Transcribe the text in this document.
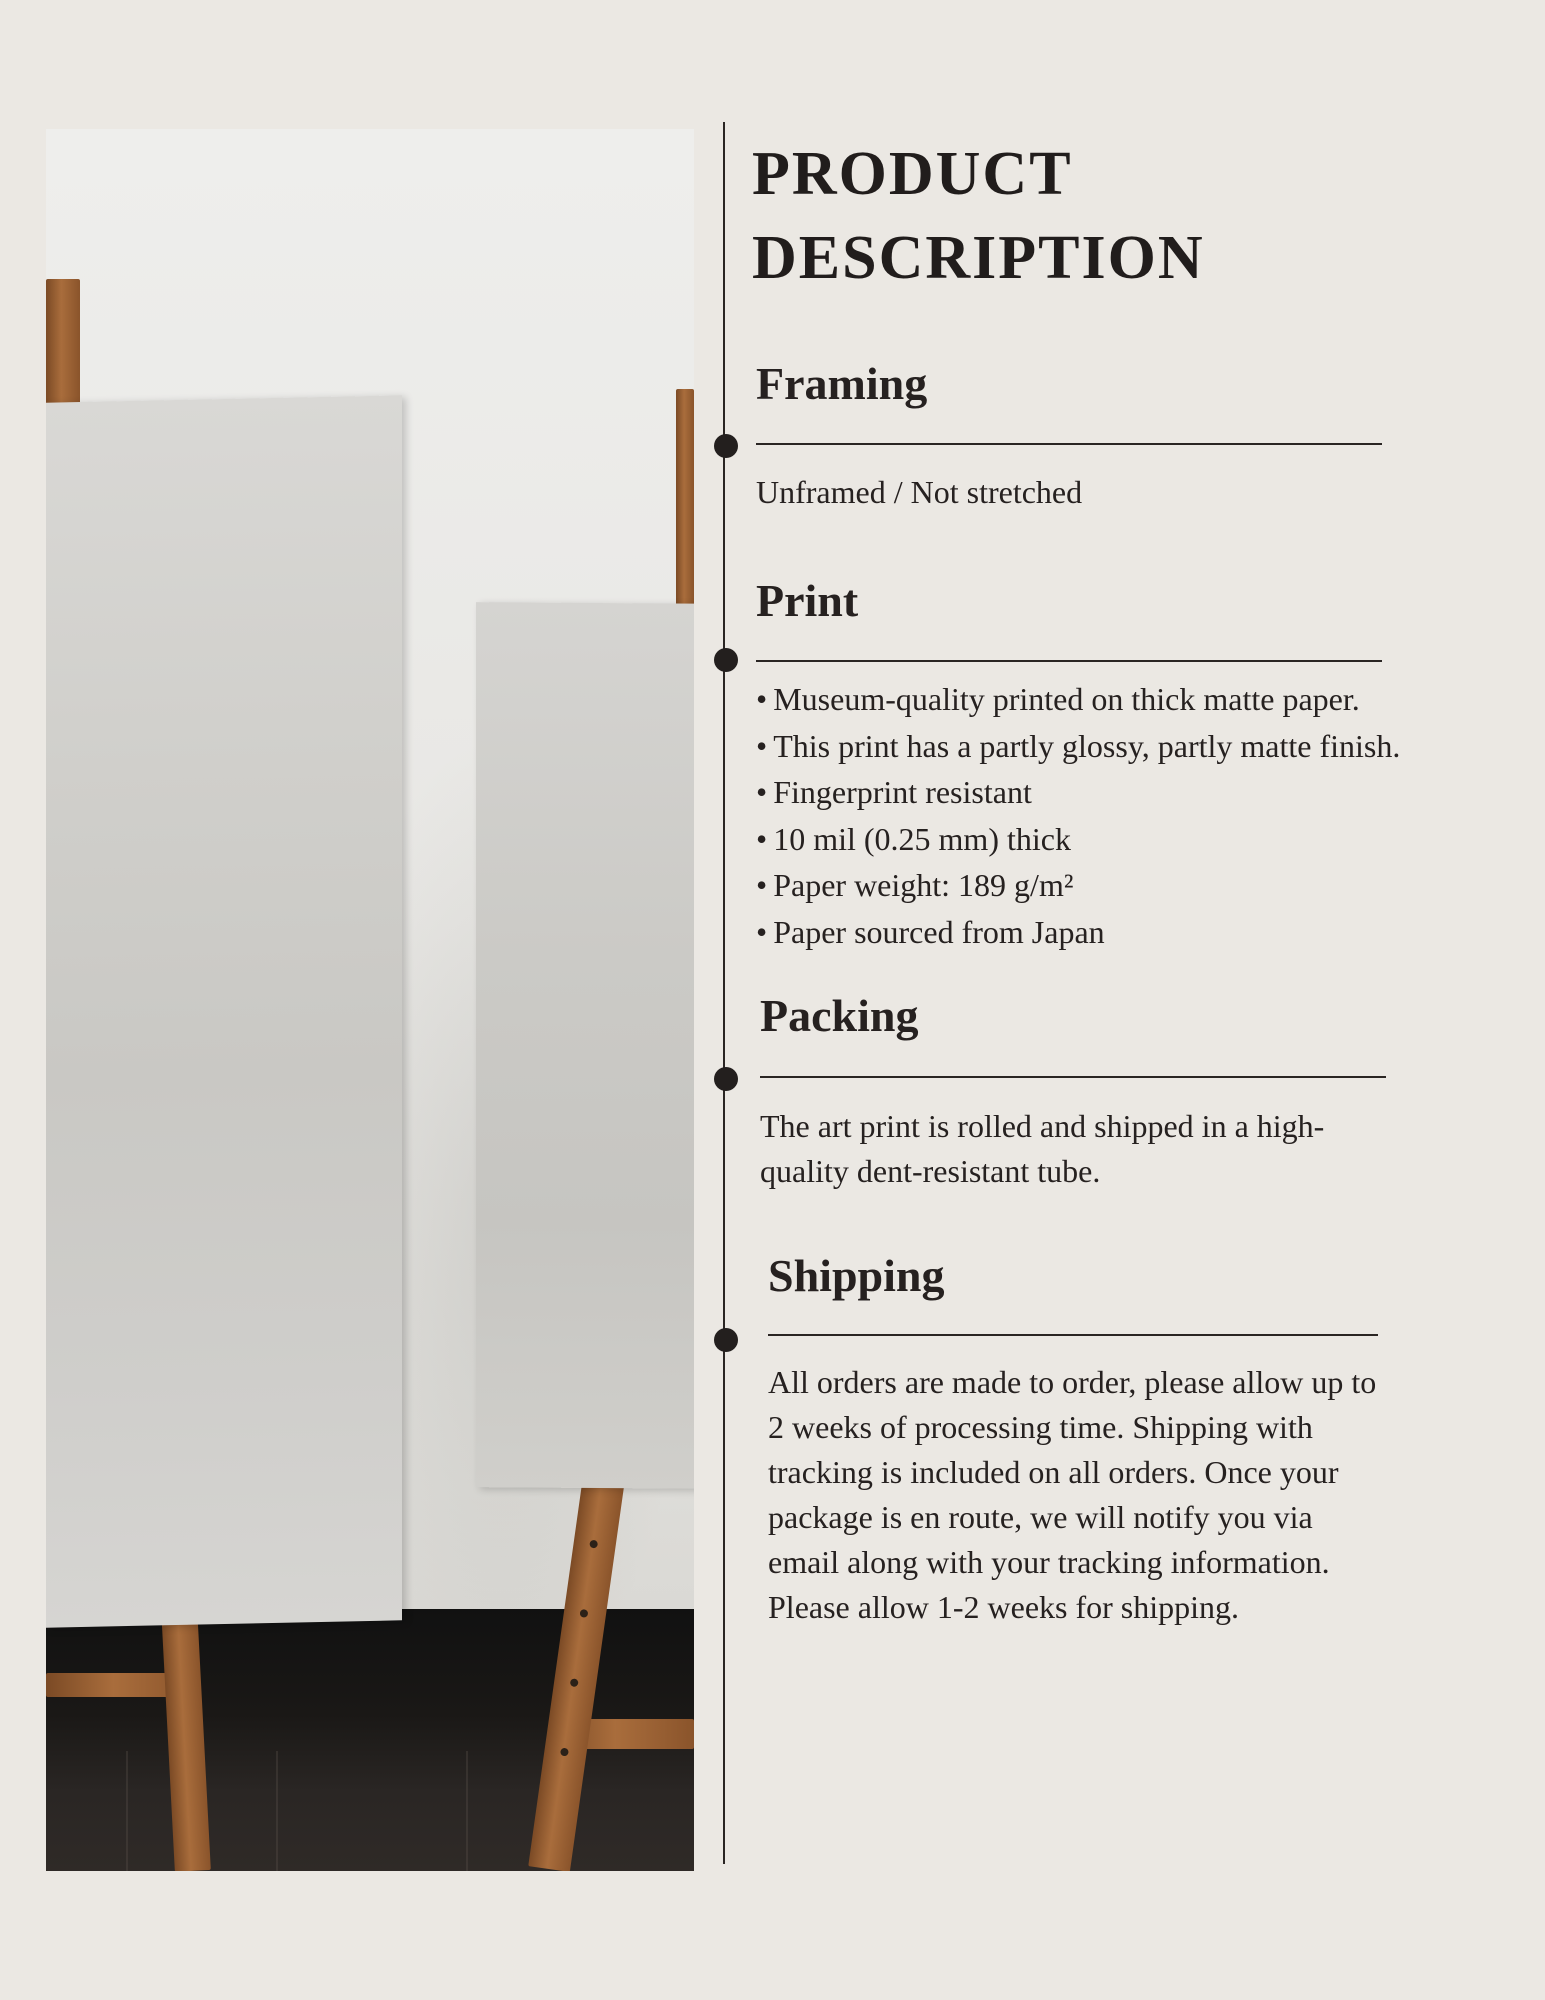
PRODUCT
DESCRIPTION
Framing

Unframed / Not stretched

Print
• Museum-quality printed on thick matte paper.
• This print has a partly glossy, partly matte finish.
• Fingerprint resistant
• 10 mil (0.25 mm) thick
• Paper weight: 189 g/m²
• Paper sourced from Japan
Packing

The art print is rolled and shipped in a high-quality dent-resistant tube.

Shipping

All orders are made to order, please allow up to 2 weeks of processing time. Shipping with tracking is included on all orders. Once your package is en route, we will notify you via email along with your tracking information. Please allow 1-2 weeks for shipping.
